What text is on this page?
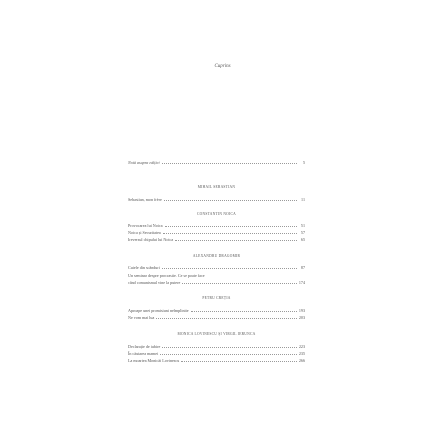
Cuprins
Notă asupra ediției	5
MIHAIL SEBASTIAN
Sebastian, mon frère	11
CONSTANTIN NOICA
Provocarea lui Noica	51
Noica și Securitatea	57
Ireversul chipului lui Noica	65
ALEXANDRU DRAGOMIR
Cuiele din scânduri	87
Un seminar despre procrastie. Ce se poate face
când comunismul vine la putere	174
PETRU CREȚIA
Aproape unei promisiuni neîmplinite	193
Ne vom mai lua	203
MONICA LOVINESCU ȘI VIRGIL IERUNCA
Declarație de iubire	223
În căutarea mamei	235
La moartea Monicăi Lovinescu	266
